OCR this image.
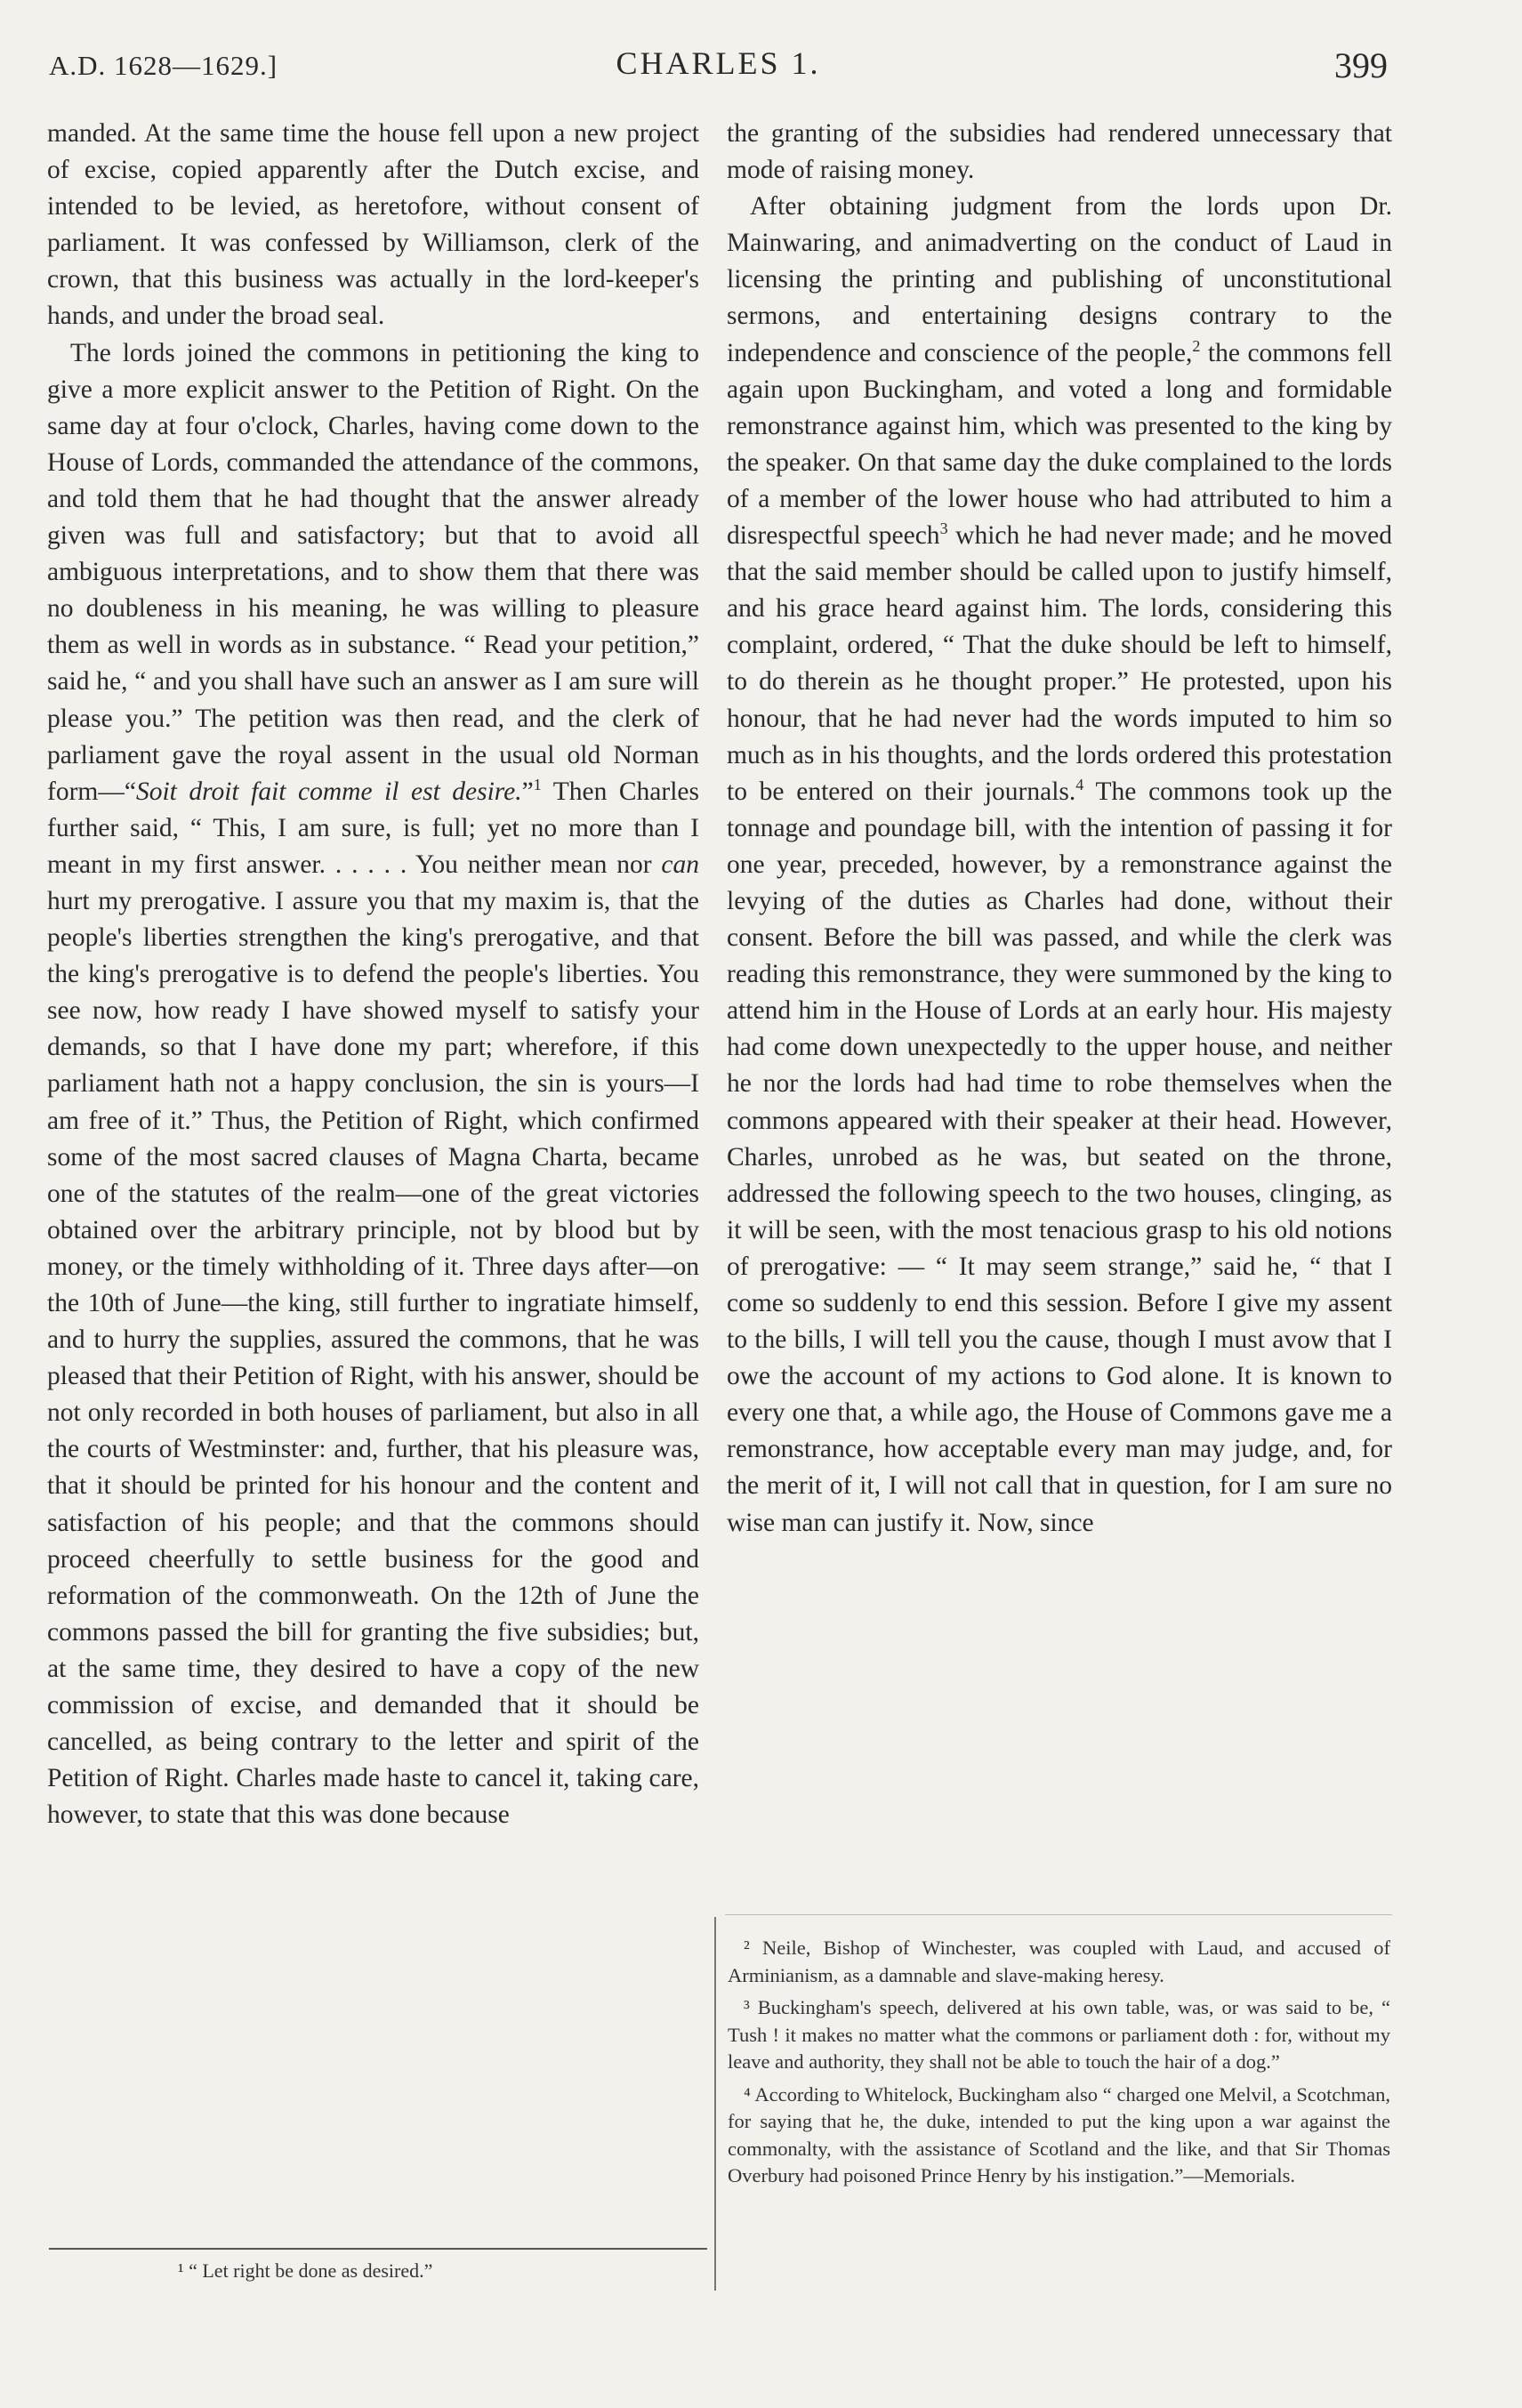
A.D. 1628—1629.]	CHARLES 1.	399

manded. At the same time the house fell upon a new project of excise, copied apparently after the Dutch excise, and intended to be levied, as heretofore, without consent of parliament. It was confessed by Williamson, clerk of the crown, that this business was actually in the lord-keeper's hands, and under the broad seal.

The lords joined the commons in petitioning the king to give a more explicit answer to the Petition of Right. On the same day at four o'clock, Charles, having come down to the House of Lords, commanded the attendance of the commons, and told them that he had thought that the answer already given was full and satisfactory; but that to avoid all ambiguous interpretations, and to show them that there was no doubleness in his meaning, he was willing to pleasure them as well in words as in substance. “ Read your petition,” said he, “ and you shall have such an answer as I am sure will please you.” The petition was then read, and the clerk of parliament gave the royal assent in the usual old Norman form—“Soit droit fait comme il est desire.”$^1$ Then Charles further said, “ This, I am sure, is full; yet no more than I meant in my first answer. . . . . . You neither mean nor can hurt my prerogative. I assure you that my maxim is, that the people's liberties strengthen the king's prerogative, and that the king's prerogative is to defend the people's liberties. You see now, how ready I have showed myself to satisfy your demands, so that I have done my part; wherefore, if this parliament hath not a happy conclusion, the sin is yours—I am free of it.” Thus, the Petition of Right, which confirmed some of the most sacred clauses of Magna Charta, became one of the statutes of the realm—one of the great victories obtained over the arbitrary principle, not by blood but by money, or the timely withholding of it. Three days after—on the 10th of June—the king, still further to ingratiate himself, and to hurry the supplies, assured the commons, that he was pleased that their Petition of Right, with his answer, should be not only recorded in both houses of parliament, but also in all the courts of Westminster: and, further, that his pleasure was, that it should be printed for his honour and the content and satisfaction of his people; and that the commons should proceed cheerfully to settle business for the good and reformation of the commonweath. On the 12th of June the commons passed the bill for granting the five subsidies; but, at the same time, they desired to have a copy of the new commission of excise, and demanded that it should be cancelled, as being contrary to the letter and spirit of the Petition of Right. Charles made haste to cancel it, taking care, however, to state that this was done because

the granting of the subsidies had rendered unnecessary that mode of raising money.

After obtaining judgment from the lords upon Dr. Mainwaring, and animadverting on the conduct of Laud in licensing the printing and publishing of unconstitutional sermons, and entertaining designs contrary to the independence and conscience of the people,$^2$ the commons fell again upon Buckingham, and voted a long and formidable remonstrance against him, which was presented to the king by the speaker. On that same day the duke complained to the lords of a member of the lower house who had attributed to him a disrespectful speech$^3$ which he had never made; and he moved that the said member should be called upon to justify himself, and his grace heard against him. The lords, considering this complaint, ordered, “ That the duke should be left to himself, to do therein as he thought proper.” He protested, upon his honour, that he had never had the words imputed to him so much as in his thoughts, and the lords ordered this protestation to be entered on their journals.$^4$ The commons took up the tonnage and poundage bill, with the intention of passing it for one year, preceded, however, by a remonstrance against the levying of the duties as Charles had done, without their consent. Before the bill was passed, and while the clerk was reading this remonstrance, they were summoned by the king to attend him in the House of Lords at an early hour. His majesty had come down unexpectedly to the upper house, and neither he nor the lords had had time to robe themselves when the commons appeared with their speaker at their head. However, Charles, unrobed as he was, but seated on the throne, addressed the following speech to the two houses, clinging, as it will be seen, with the most tenacious grasp to his old notions of prerogative: — “ It may seem strange,” said he, “ that I come so suddenly to end this session. Before I give my assent to the bills, I will tell you the cause, though I must avow that I owe the account of my actions to God alone. It is known to every one that, a while ago, the House of Commons gave me a remonstrance, how acceptable every man may judge, and, for the merit of it, I will not call that in question, for I am sure no wise man can justify it. Now, since

¹ “ Let right be done as desired.”

² Neile, Bishop of Winchester, was coupled with Laud, and accused of Arminianism, as a damnable and slave-making heresy.

³ Buckingham's speech, delivered at his own table, was, or was said to be, “ Tush ! it makes no matter what the commons or parliament doth : for, without my leave and authority, they shall not be able to touch the hair of a dog.”

⁴ According to Whitelock, Buckingham also “ charged one Melvil, a Scotchman, for saying that he, the duke, intended to put the king upon a war against the commonalty, with the assistance of Scotland and the like, and that Sir Thomas Overbury had poisoned Prince Henry by his instigation.”—Memorials.
